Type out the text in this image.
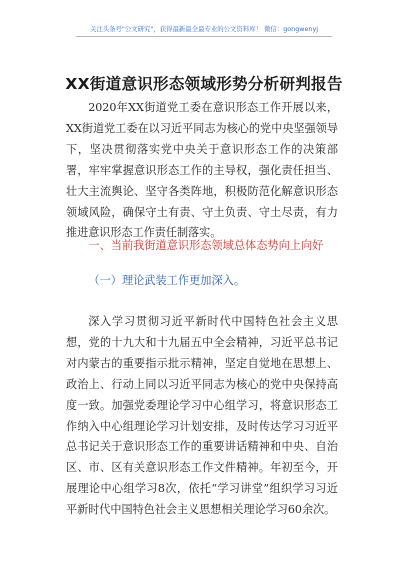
关注头条号"公文研究"，获得最新最全最专业的公文资料库！ 微信：gongwenyj
XX街道意识形态领域形势分析研判报告

2020年XX街道党工委在意识形态工作开展以来，XX街道党工委在以习近平同志为核心的党中央坚强领导下，坚决贯彻落实党中央关于意识形态工作的决策部署，牢牢掌握意识形态工作的主导权，强化责任担当、壮大主流舆论、坚守各类阵地，积极防范化解意识形态领域风险，确保守土有责、守土负责、守土尽责，有力推进意识形态工作责任制落实。

一、当前我街道意识形态领域总体态势向上向好
（一）理论武装工作更加深入。

深入学习贯彻习近平新时代中国特色社会主义思想，党的十九大和十九届五中全会精神，习近平总书记对内蒙古的重要指示批示精神，坚定自觉地在思想上、政治上、行动上同以习近平同志为核心的党中央保持高度一致。加强党委理论学习中心组学习，将意识形态工作纳入中心组理论学习计划安排，及时传达学习习近平总书记关于意识形态工作的重要讲话精神和中央、自治区、市、区有关意识形态工作文件精神。年初至今，开展理论中心组学习8次，依托“学习讲堂”组织学习习近平新时代中国特色社会主义思想相关理论学习60余次。
